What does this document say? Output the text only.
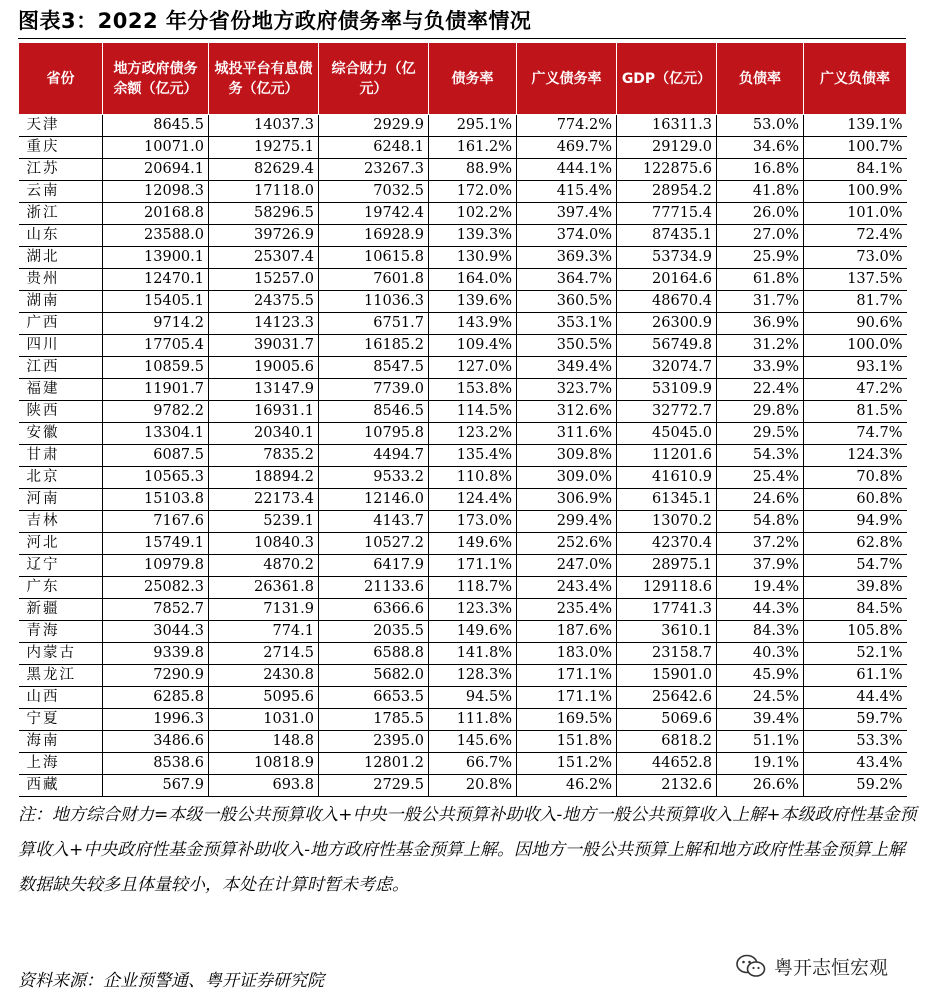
图表3：2022 年分省份地方政府债务率与负债率情况
省份	地方政府债务余额（亿元）	城投平台有息债务（亿元）	综合财力（亿元）	债务率	广义债务率	GDP（亿元）	负债率	广义负债率
天津	8645.5	14037.3	2929.9	295.1%	774.2%	16311.3	53.0%	139.1%
重庆	10071.0	19275.1	6248.1	161.2%	469.7%	29129.0	34.6%	100.7%
江苏	20694.1	82629.4	23267.3	88.9%	444.1%	122875.6	16.8%	84.1%
云南	12098.3	17118.0	7032.5	172.0%	415.4%	28954.2	41.8%	100.9%
浙江	20168.8	58296.5	19742.4	102.2%	397.4%	77715.4	26.0%	101.0%
山东	23588.0	39726.9	16928.9	139.3%	374.0%	87435.1	27.0%	72.4%
湖北	13900.1	25307.4	10615.8	130.9%	369.3%	53734.9	25.9%	73.0%
贵州	12470.1	15257.0	7601.8	164.0%	364.7%	20164.6	61.8%	137.5%
湖南	15405.1	24375.5	11036.3	139.6%	360.5%	48670.4	31.7%	81.7%
广西	9714.2	14123.3	6751.7	143.9%	353.1%	26300.9	36.9%	90.6%
四川	17705.4	39031.7	16185.2	109.4%	350.5%	56749.8	31.2%	100.0%
江西	10859.5	19005.6	8547.5	127.0%	349.4%	32074.7	33.9%	93.1%
福建	11901.7	13147.9	7739.0	153.8%	323.7%	53109.9	22.4%	47.2%
陕西	9782.2	16931.1	8546.5	114.5%	312.6%	32772.7	29.8%	81.5%
安徽	13304.1	20340.1	10795.8	123.2%	311.6%	45045.0	29.5%	74.7%
甘肃	6087.5	7835.2	4494.7	135.4%	309.8%	11201.6	54.3%	124.3%
北京	10565.3	18894.2	9533.2	110.8%	309.0%	41610.9	25.4%	70.8%
河南	15103.8	22173.4	12146.0	124.4%	306.9%	61345.1	24.6%	60.8%
吉林	7167.6	5239.1	4143.7	173.0%	299.4%	13070.2	54.8%	94.9%
河北	15749.1	10840.3	10527.2	149.6%	252.6%	42370.4	37.2%	62.8%
辽宁	10979.8	4870.2	6417.9	171.1%	247.0%	28975.1	37.9%	54.7%
广东	25082.3	26361.8	21133.6	118.7%	243.4%	129118.6	19.4%	39.8%
新疆	7852.7	7131.9	6366.6	123.3%	235.4%	17741.3	44.3%	84.5%
青海	3044.3	774.1	2035.5	149.6%	187.6%	3610.1	84.3%	105.8%
内蒙古	9339.8	2714.5	6588.8	141.8%	183.0%	23158.7	40.3%	52.1%
黑龙江	7290.9	2430.8	5682.0	128.3%	171.1%	15901.0	45.9%	61.1%
山西	6285.8	5095.6	6653.5	94.5%	171.1%	25642.6	24.5%	44.4%
宁夏	1996.3	1031.0	1785.5	111.8%	169.5%	5069.6	39.4%	59.7%
海南	3486.6	148.8	2395.0	145.6%	151.8%	6818.2	51.1%	53.3%
上海	8538.6	10818.9	12801.2	66.7%	151.2%	44652.8	19.1%	43.4%
西藏	567.9	693.8	2729.5	20.8%	46.2%	2132.6	26.6%	59.2%
注：地方综合财力=本级一般公共预算收入+中央一般公共预算补助收入-地方一般公共预算收入上解+本级政府性基金预算收入+中央政府性基金预算补助收入-地方政府性基金预算上解。因地方一般公共预算上解和地方政府性基金预算上解数据缺失较多且体量较小，本处在计算时暂未考虑。
资料来源：企业预警通、粤开证券研究院
粤开志恒宏观
